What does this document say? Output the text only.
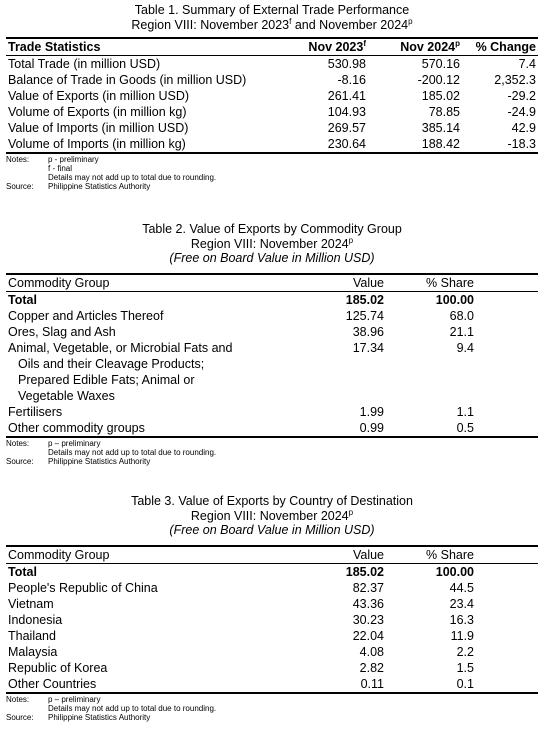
Table 1. Summary of External Trade Performance
Region VIII: November 2023$^f$ and November 2024$^p$
Trade Statistics	Nov 2023$^f$	Nov 2024$^p$	% Change
Total Trade (in million USD)	530.98	570.16	7.4
Balance of Trade in Goods (in million USD)	-8.16	-200.12	2,352.3
Value of Exports (in million USD)	261.41	185.02	-29.2
Volume of Exports (in million kg)	104.93	78.85	-24.9
Value of Imports (in million USD)	269.57	385.14	42.9
Volume of Imports (in million kg)	230.64	188.42	-18.3
Notes: p - preliminary
f - final
Details may not add up to total due to rounding.
Source: Philippine Statistics Authority
Table 2. Value of Exports by Commodity Group
Region VIII: November 2024$^p$
(Free on Board Value in Million USD)
Commodity Group	Value	% Share	
Total	185.02	100.00	
Copper and Articles Thereof	125.74	68.0	
Ores, Slag and Ash	38.96	21.1	

Animal, Vegetable, or Microbial Fats and
Oils and their Cleavage Products;
Prepared Edible Fats; Animal or
Vegetable Waxes	17.34	9.4	
Fertilisers	1.99	1.1	
Other commodity groups	0.99	0.5	
Notes: p – preliminary
Details may not add up to total due to rounding.
Source: Philippine Statistics Authority
Table 3. Value of Exports by Country of Destination
Region VIII: November 2024$^p$
(Free on Board Value in Million USD)
Commodity Group	Value	% Share	
Total	185.02	100.00	
People's Republic of China	82.37	44.5	
Vietnam	43.36	23.4	
Indonesia	30.23	16.3	
Thailand	22.04	11.9	
Malaysia	4.08	2.2	
Republic of Korea	2.82	1.5	
Other Countries	0.11	0.1	
Notes: p – preliminary
Details may not add up to total due to rounding.
Source: Philippine Statistics Authority
